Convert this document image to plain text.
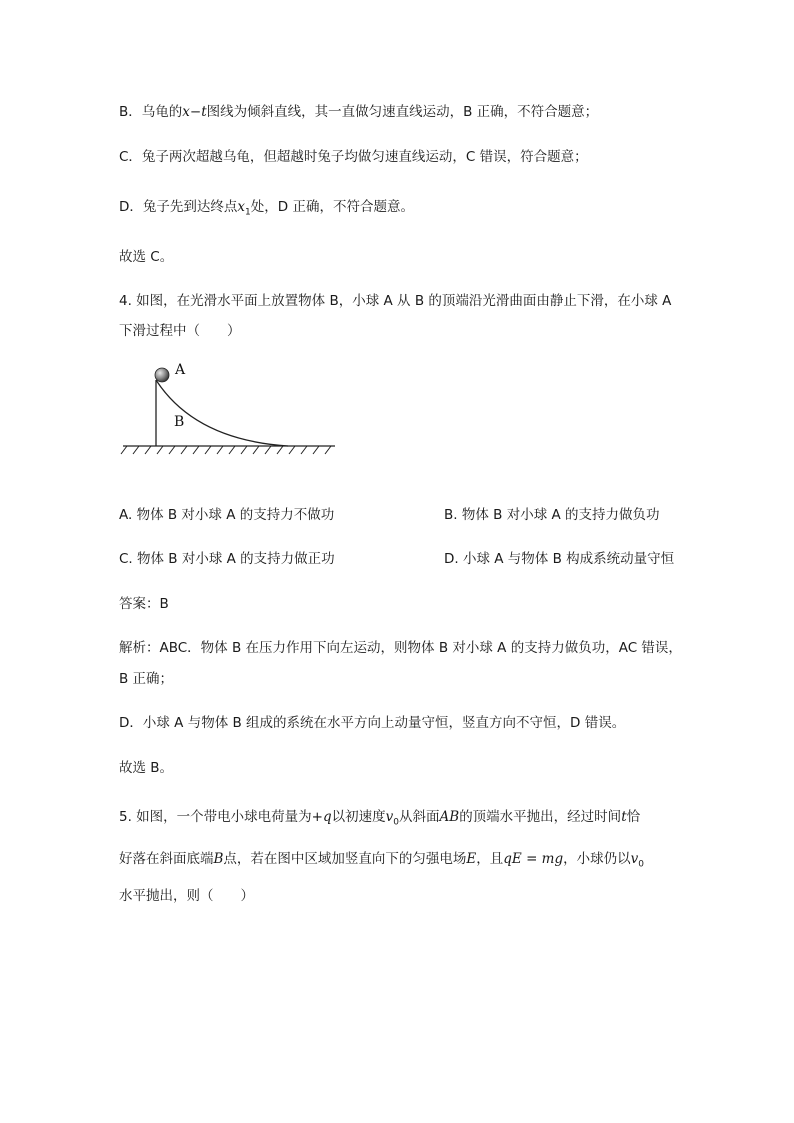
B．乌龟的x−t图线为倾斜直线，其一直做匀速直线运动，B 正确，不符合题意；
C．兔子两次超越乌龟，但超越时兔子均做匀速直线运动，C 错误，符合题意；
D．兔子先到达终点$x_1$处，D 正确，不符合题意。
故选 C。
4. 如图，在光滑水平面上放置物体 B，小球 A 从 B 的顶端沿光滑曲面由静止下滑，在小球 A
下滑过程中（　　）
A
B
A. 物体 B 对小球 A 的支持力不做功	B. 物体 B 对小球 A 的支持力做负功
C. 物体 B 对小球 A 的支持力做正功	D. 小球 A 与物体 B 构成系统动量守恒
答案：B
解析：ABC．物体 B 在压力作用下向左运动，则物体 B 对小球 A 的支持力做负功，AC 错误，
B 正确；
D．小球 A 与物体 B 组成的系统在水平方向上动量守恒，竖直方向不守恒，D 错误。
故选 B。
5. 如图，一个带电小球电荷量为+q以初速度$v_0$从斜面AB的顶端水平抛出，经过时间t恰
好落在斜面底端B点，若在图中区域加竖直向下的匀强电场E，且qE = mg，小球仍以$v_0$
水平抛出，则（　　）
